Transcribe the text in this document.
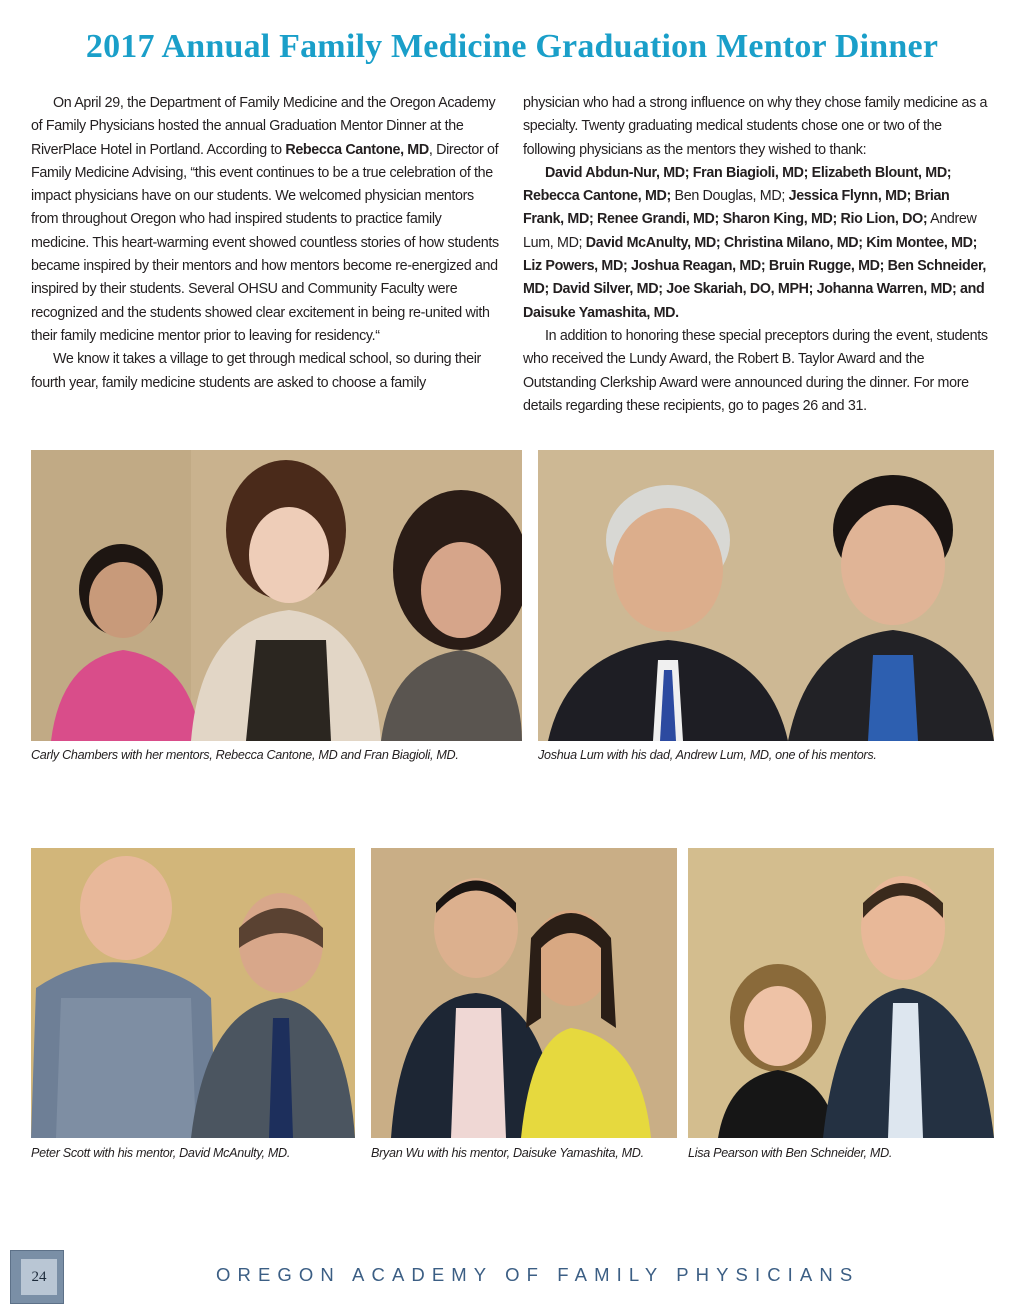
2017 Annual Family Medicine Graduation Mentor Dinner

On April 29, the Department of Family Medicine and the Oregon Academy of Family Physicians hosted the annual Graduation Mentor Dinner at the RiverPlace Hotel in Portland. According to Rebecca Cantone, MD, Director of Family Medicine Advising, “this event continues to be a true celebration of the impact physicians have on our students. We welcomed physician mentors from throughout Oregon who had inspired students to practice family medicine. This heart-warming event showed countless stories of how students became inspired by their mentors and how mentors become re-energized and inspired by their students. Several OHSU and Community Faculty were recognized and the students showed clear excitement in being re-united with their family medicine mentor prior to leaving for residency.“

We know it takes a village to get through medical school, so during their fourth year, family medicine students are asked to choose a family

physician who had a strong influence on why they chose family medicine as a specialty. Twenty graduating medical students chose one or two of the following physicians as the mentors they wished to thank:

David Abdun-Nur, MD; Fran Biagioli, MD; Elizabeth Blount, MD; Rebecca Cantone, MD; Ben Douglas, MD; Jessica Flynn, MD; Brian Frank, MD; Renee Grandi, MD; Sharon King, MD; Rio Lion, DO; Andrew Lum, MD; David McAnulty, MD; Christina Milano, MD; Kim Montee, MD; Liz Powers, MD; Joshua Reagan, MD; Bruin Rugge, MD; Ben Schneider, MD; David Silver, MD; Joe Skariah, DO, MPH; Johanna Warren, MD; and Daisuke Yamashita, MD.

In addition to honoring these special preceptors during the event, students who received the Lundy Award, the Robert B. Taylor Award and the Outstanding Clerkship Award were announced during the dinner. For more details regarding these recipients, go to pages 26 and 31.

Carly Chambers with her mentors, Rebecca Cantone, MD and Fran Biagioli, MD.	Joshua Lum with his dad, Andrew Lum, MD, one of his mentors.
Peter Scott with his mentor, David McAnulty, MD.	Bryan Wu with his mentor, Daisuke Yamashita, MD.	Lisa Pearson with Ben Schneider, MD.
24	OREGON ACADEMY OF FAMILY PHYSICIANS
